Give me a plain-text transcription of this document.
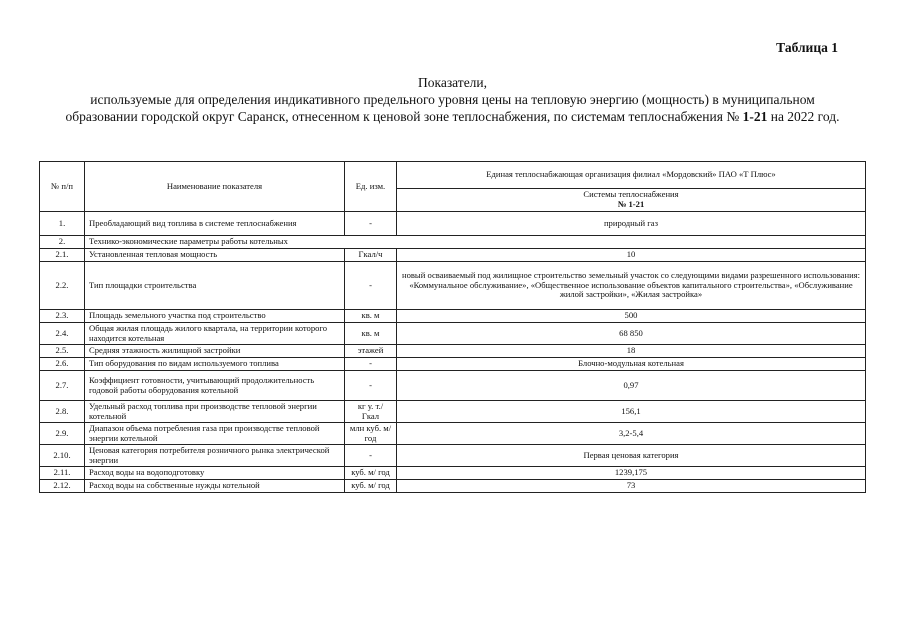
Таблица 1
Показатели,
используемые для определения индикативного предельного уровня цены на тепловую энергию (мощность) в муниципальном образовании городской округ Саранск, отнесенном к ценовой зоне теплоснабжения, по системам теплоснабжения № 1-21 на 2022 год.
№ п/п	Наименование показателя	Ед. изм.	Единая теплоснабжающая организация филиал «Мордовский» ПАО «Т Плюс»

			Системы теплоснабжения
№ 1-21

1.	Преобладающий вид топлива в системе теплоснабжения	-	природный газ
2.	Технико-экономические параметры работы котельных		
2.1.	Установленная тепловая мощность	Гкал/ч	10
2.2.	Тип площадки строительства	-	новый осваиваемый под жилищное строительство земельный участок со следующими видами разрешенного использования: «Коммунальное обслуживание», «Общественное использование объектов капитального строительства», «Обслуживание жилой застройки», «Жилая застройка»
2.3.	Площадь земельного участка под строительство	кв. м	500
2.4.	Общая жилая площадь жилого квартала, на территории которого находится котельная	кв. м	68 850
2.5.	Средняя этажность жилищной застройки	этажей	18
2.6.	Тип оборудования по видам используемого топлива	-	Блочно-модульная котельная
2.7.	Коэффициент готовности, учитывающий продолжительность годовой работы оборудования котельной	-	0,97
2.8.	Удельный расход топлива при производстве тепловой энергии котельной	кг у. т./ Гкал	156,1
2.9.	Диапазон объема потребления газа при производстве тепловой энергии котельной	млн куб. м/год	3,2-5,4
2.10.	Ценовая категория потребителя розничного рынка электрической энергии	-	Первая ценовая категория
2.11.	Расход воды на водоподготовку	куб. м/ год	1239,175
2.12.	Расход воды на собственные нужды котельной	куб. м/ год	73
